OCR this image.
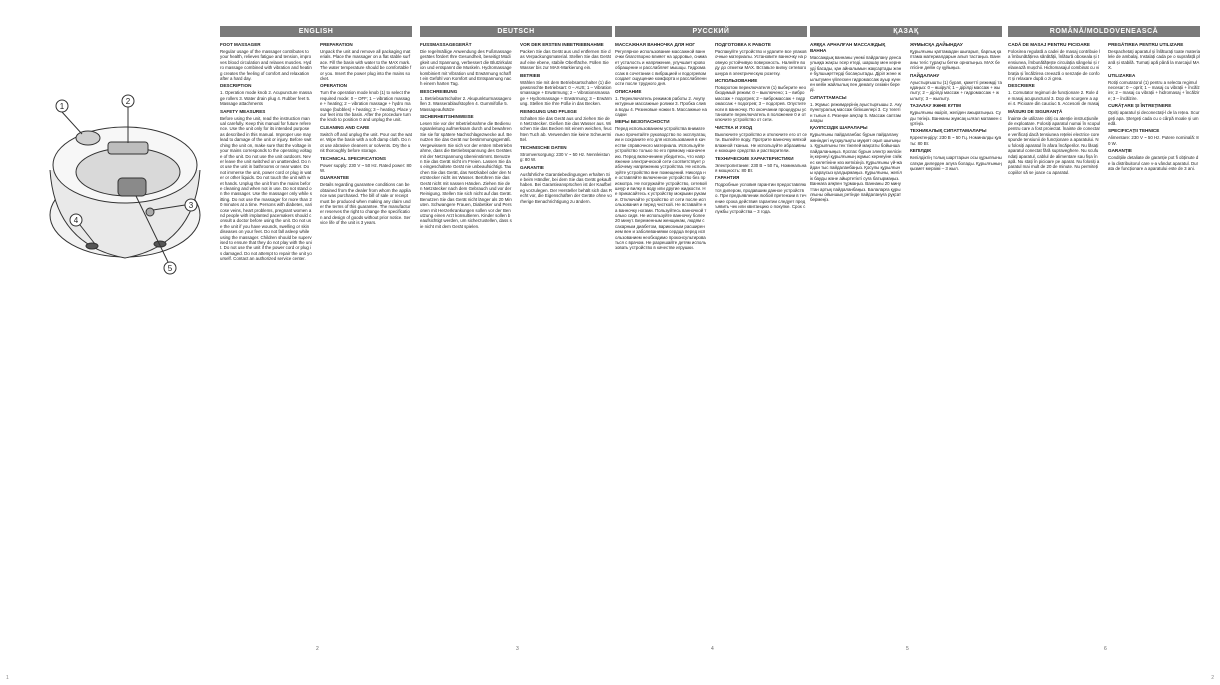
1
2
3
4
5
ENGLISH
FOOT MASSAGER

Regular usage of the massager contributes to your health, relieves fatigue and tension, improves blood circulation and relaxes muscles. Hydro massage combined with vibration and heating creates the feeling of comfort and relaxation after a hard day.

DESCRIPTION

1. Operation mode knob 2. Acupuncture massage rollers 3. Water drain plug 4. Rubber feet 5. Massage attachments

SAFETY MEASURES

Before using the unit, read the instruction manual carefully. Keep this manual for future reference. Use the unit only for its intended purpose as described in this manual. Improper use may lead to damage of the unit or injury. Before switching the unit on, make sure that the voltage in your mains corresponds to the operating voltage of the unit. Do not use the unit outdoors. Never leave the unit switched on unattended. Do not use the unit in bathrooms or near water. Do not immerse the unit, power cord or plug in water or other liquids. Do not touch the unit with wet hands. Unplug the unit from the mains before cleaning and when not in use. Do not stand on the massager. Use the massager only while sitting. Do not use the massager for more than 20 minutes at a time. Persons with diabetes, varicose veins, heart problems, pregnant women and people with implanted pacemakers should consult a doctor before using the unit. Do not use the unit if you have wounds, swelling or skin diseases on your feet. Do not fall asleep while using the massager. Children should be supervised to ensure that they do not play with the unit. Do not use the unit if the power cord or plug is damaged. Do not attempt to repair the unit yourself. Contact an authorized service center.

PREPARATION

Unpack the unit and remove all packaging materials. Place the massager on a flat stable surface. Fill the basin with water to the MAX mark. The water temperature should be comfortable for you. Insert the power plug into the mains socket.

OPERATION

Turn the operation mode knob (1) to select the required mode: 0 – OFF; 1 – vibration massage + heating; 2 – vibration massage + hydro massage (bubbles) + heating; 3 – heating. Place your feet into the basin. After the procedure turn the knob to position 0 and unplug the unit.

CLEANING AND CARE

Switch off and unplug the unit. Pour out the water. Wipe the basin with a soft damp cloth. Do not use abrasive cleaners or solvents. Dry the unit thoroughly before storage.

TECHNICAL SPECIFICATIONS

Power supply: 230 V ~ 50 Hz. Rated power: 80 W.

GUARANTEE

Details regarding guarantee conditions can be obtained from the dealer from whom the appliance was purchased. The bill of sale or receipt must be produced when making any claim under the terms of this guarantee. The manufacturer reserves the right to change the specification and design of goods without prior notice. Service life of the unit is 3 years.

2
DEUTSCH
FUSSMASSAGEGERÄT

Die regelmäßige Anwendung des Fußmassagegerätes fördert Ihre Gesundheit, beseitigt Müdigkeit und Spannung, verbessert die Blutzirkulation und entspannt die Muskeln. Hydromassage kombiniert mit Vibration und Erwärmung schafft ein Gefühl von Komfort und Entspannung nach einem harten Tag.

BESCHREIBUNG

1. Betriebsartschalter 2. Akupunkturmassagerollen 3. Wasserablaufstopfen 4. Gummifüße 5. Massageaufsätze

SICHERHEITSHINWEISE

Lesen Sie vor der Inbetriebnahme die Bedienungsanleitung aufmerksam durch und bewahren Sie sie für spätere Nachschlagezwecke auf. Benutzen Sie das Gerät nur bestimmungsgemäß. Vergewissern Sie sich vor der ersten Inbetriebnahme, dass die Betriebsspannung des Gerätes mit der Netzspannung übereinstimmt. Benutzen Sie das Gerät nicht im Freien. Lassen Sie das eingeschaltete Gerät nie unbeaufsichtigt. Tauchen Sie das Gerät, das Netzkabel oder den Netzstecker nicht ins Wasser. Berühren Sie das Gerät nicht mit nassen Händen. Ziehen Sie den Netzstecker nach dem Gebrauch und vor der Reinigung. Stellen Sie sich nicht auf das Gerät. Benutzen Sie das Gerät nicht länger als 20 Minuten. Schwangere Frauen, Diabetiker und Personen mit Herzerkrankungen sollen vor der Benutzung einen Arzt konsultieren. Kinder sollen beaufsichtigt werden, um sicherzustellen, dass sie nicht mit dem Gerät spielen.

VOR DER ERSTEN INBETRIEBNAHME

Packen Sie das Gerät aus und entfernen Sie das Verpackungsmaterial. Stellen Sie das Gerät auf eine ebene, stabile Oberfläche. Füllen Sie Wasser bis zur MAX-Markierung ein.

BETRIEB

Wählen Sie mit dem Betriebsartschalter (1) die gewünschte Betriebsart: 0 – AUS; 1 – Vibrationsmassage + Erwärmung; 2 – Vibrationsmassage + Hydromassage + Erwärmung; 3 – Erwärmung. Stellen Sie Ihre Füße in das Becken.

REINIGUNG UND PFLEGE

Schalten Sie das Gerät aus und ziehen Sie den Netzstecker. Gießen Sie das Wasser aus. Wischen Sie das Becken mit einem weichen, feuchten Tuch ab. Verwenden Sie keine Scheuermittel.

TECHNISCHE DATEN

Stromversorgung: 230 V ~ 50 Hz. Nennleistung: 80 W.

GARANTIE

Ausführliche Garantiebedingungen erhalten Sie beim Händler, bei dem Sie das Gerät gekauft haben. Bei Garantieansprüchen ist der Kaufbeleg vorzulegen. Der Hersteller behält sich das Recht vor, die Eigenschaften der Geräte ohne vorherige Benachrichtigung zu ändern.

3
РУССКИЙ
МАССАЖНАЯ ВАННОЧКА ДЛЯ НОГ

Регулярное использование массажной ванночки благотворно влияет на здоровье, снимает усталость и напряжение, улучшает кровообращение и расслабляет мышцы. Гидромассаж в сочетании с вибрацией и подогревом создает ощущение комфорта и расслабленности после трудного дня.

ОПИСАНИЕ

1. Переключатель режимов работы 2. Акупунктурные массажные ролики 3. Пробка слива воды 4. Резиновые ножки 5. Массажные насадки

МЕРЫ БЕЗОПАСНОСТИ

Перед использованием устройства внимательно прочитайте руководство по эксплуатации и сохраните его для использования в качестве справочного материала. Используйте устройство только по его прямому назначению. Перед включением убедитесь, что напряжение электрической сети соответствует рабочему напряжению устройства. Не используйте устройство вне помещений. Никогда не оставляйте включенное устройство без присмотра. Не погружайте устройство, сетевой шнур и вилку в воду или другие жидкости. Не прикасайтесь к устройству мокрыми руками. Отключайте устройство от сети после использования и перед чисткой. Не вставайте на ванночку ногами. Пользуйтесь ванночкой только сидя. Не используйте ванночку более 20 минут. Беременным женщинам, людям с сахарным диабетом, варикозным расширением вен и заболеваниями сердца перед использованием необходимо проконсультироваться с врачом. Не разрешайте детям использовать устройство в качестве игрушки.

ПОДГОТОВКА К РАБОТЕ

Распакуйте устройство и удалите все упаковочные материалы. Установите ванночку на ровную устойчивую поверхность. Налейте воду до отметки MAX. Вставьте вилку сетевого шнура в электрическую розетку.

ИСПОЛЬЗОВАНИЕ

Поворотом переключателя (1) выберите необходимый режим: 0 – выключено; 1 – вибромассаж + подогрев; 2 – вибромассаж + гидромассаж + подогрев; 3 – подогрев. Опустите ноги в ванночку. По окончании процедуры установите переключатель в положение 0 и отключите устройство от сети.

ЧИСТКА И УХОД

Выключите устройство и отключите его от сети. Вылейте воду. Протрите ванночку мягкой влажной тканью. Не используйте абразивные моющие средства и растворители.

ТЕХНИЧЕСКИЕ ХАРАКТЕРИСТИКИ

Электропитание: 230 В ~ 50 Гц. Номинальная мощность: 80 Вт.

ГАРАНТИЯ

Подробные условия гарантии предоставляются дилером, продавшим данное устройство. При предъявлении любой претензии в течение срока действия гарантии следует предъявить чек или квитанцию о покупке. Срок службы устройства – 3 года.

4
ҚАЗАҚ
АЯҚҚА АРНАЛҒАН МАССАЖДЫҚ ВАННА

Массаждық ваннаны үнемі пайдалану денсаулыққа жақсы әсер етеді, шаршау мен кернеуді басады, қан айналымын жақсартады және бұлшықеттерді босаңсытады. Діріл және жылытумен үйлескен гидромассаж ауыр күннен кейін жайлылық пен демалу сезімін береді.

СИПАТТАМАСЫ

1. Жұмыс режимдерінің ауыстырғышы 2. Акупунктуралық массаж білікшелері 3. Су төгетін тығын 4. Резеңке аяқтар 5. Массаж саптамалары

ҚАУІПСІЗДІК ШАРАЛАРЫ

Құрылғыны пайдаланбас бұрын пайдалану жөніндегі нұсқаулықты мұқият оқып шығыңыз. Құрылғыны тек тікелей мақсаты бойынша пайдаланыңыз. Қоспас бұрын электр желісінің кернеуі құрылғының жұмыс кернеуіне сәйкес келетініне көз жеткізіңіз. Құрылғыны үй-жайдан тыс пайдаланбаңыз. Қосулы құрылғыны қараусыз қалдырмаңыз. Құрылғыны, желілік бауды және айыртетікті суға батырмаңыз. Ваннаға аяқпен тұрмаңыз. Ваннаны 20 минуттан артық пайдаланбаңыз. Балаларға құрылғыны ойыншық ретінде пайдалануға рұқсат бермеңіз.

ЖҰМЫСҚА ДАЙЫНДАУ

Құрылғыны қаптамадан шығарып, барлық қаптама материалдарын алып тастаңыз. Ваннаны тегіс тұрақты бетке орнатыңыз. MAX белгісіне дейін су құйыңыз.

ПАЙДАЛАНУ

Ауыстырғышты (1) бұрап, қажетті режимді таңдаңыз: 0 – өшірулі; 1 – дірілді массаж + жылыту; 2 – дірілді массаж + гидромассаж + жылыту; 3 – жылыту.

ТАЗАЛАУ ЖӘНЕ КҮТІМ

Құрылғыны өшіріп, желіден ажыратыңыз. Суды төгіңіз. Ваннаны жұмсақ ылғал матамен сүртіңіз.

ТЕХНИКАЛЫҚ СИПАТТАМАЛАРЫ

Қоректендіру: 230 В ~ 50 Гц. Номиналды қуаты: 80 Вт.

КЕПІЛДІК

Кепілдіктің толық шарттарын осы құрылғыны сатқан дилерден алуға болады. Құрылғының қызмет мерзімі – 3 жыл.

5
ROMÂNĂ/MOLDOVENEASCĂ
CADĂ DE MASAJ PENTRU PICIOARE

Folosirea regulată a cadei de masaj contribuie la îmbunătățirea sănătății, înlătură oboseala și tensiunea, îmbunătățește circulația sângelui și relaxează mușchii. Hidromasajul combinat cu vibrația și încălzirea creează o senzație de confort și relaxare după o zi grea.

DESCRIERE

1. Comutator regimuri de funcționare 2. Role de masaj acupunctural 3. Dop de scurgere a apei 4. Picioare din cauciuc 5. Accesorii de masaj

MĂSURI DE SIGURANȚĂ

Înainte de utilizare citiți cu atenție instrucțiunile de exploatare. Folosiți aparatul numai în scopul pentru care a fost proiectat. Înainte de conectare verificați dacă tensiunea rețelei electrice corespunde tensiunii de funcționare a aparatului. Nu folosiți aparatul în afara încăperilor. Nu lăsați aparatul conectat fără supraveghere. Nu scufundați aparatul, cablul de alimentare sau fișa în apă. Nu stați în picioare pe aparat. Nu folosiți aparatul mai mult de 20 de minute. Nu permiteți copiilor să se joace cu aparatul.

PREGĂTIREA PENTRU UTILIZARE

Despachetați aparatul și înlăturați toate materialele de ambalaj. Instalați cada pe o suprafață plană și stabilă. Turnați apă până la marcajul MAX.

UTILIZAREA

Rotiți comutatorul (1) pentru a selecta regimul necesar: 0 – oprit; 1 – masaj cu vibrații + încălzire; 2 – masaj cu vibrații + hidromasaj + încălzire; 3 – încălzire.

CURĂȚARE ȘI ÎNTREȚINERE

Opriți aparatul și deconectați-l de la rețea. Scurgeți apa. Ștergeți cada cu o cârpă moale și umedă.

SPECIFICAȚII TEHNICE

Alimentare: 230 V ~ 50 Hz. Putere nominală: 80 W.

GARANȚIE

Condițiile detaliate de garanție pot fi obținute de la distribuitorul care v-a vândut aparatul. Durata de funcționare a aparatului este de 3 ani.

6
1	2
